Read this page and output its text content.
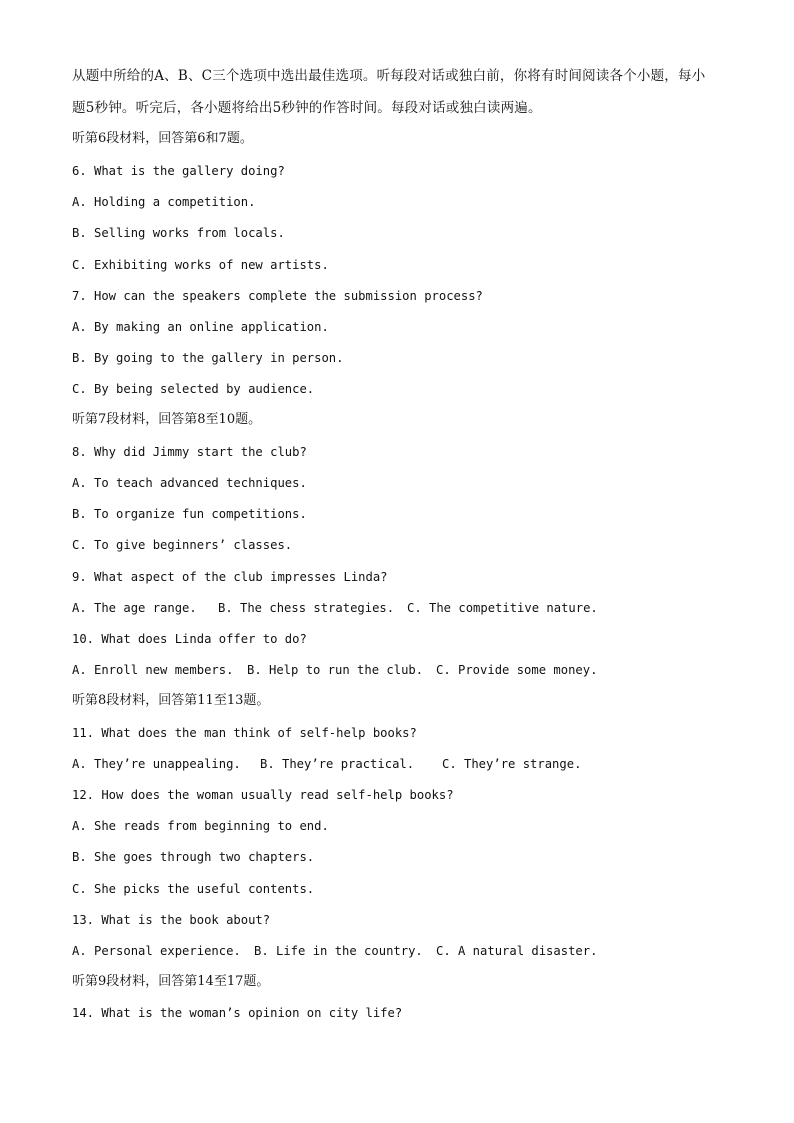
从题中所给的A、B、C三个选项中选出最佳选项。听每段对话或独白前，你将有时间阅读各个小题，每小
题5秒钟。听完后，各小题将给出5秒钟的作答时间。每段对话或独白读两遍。
听第6段材料，回答第6和7题。
6. What is the gallery doing?
A. Holding a competition.
B. Selling works from locals.
C. Exhibiting works of new artists.
7. How can the speakers complete the submission process?
A. By making an online application.
B. By going to the gallery in person.
C. By being selected by audience.
听第7段材料，回答第8至10题。
8. Why did Jimmy start the club?
A. To teach advanced techniques.
B. To organize fun competitions.
C. To give beginners’ classes.
9. What aspect of the club impresses Linda?
A. The age range. B. The chess strategies. C. The competitive nature.
10. What does Linda offer to do?
A. Enroll new members. B. Help to run the club. C. Provide some money.
听第8段材料，回答第11至13题。
11. What does the man think of self-help books?
A. They’re unappealing. B. They’re practical. C. They’re strange.
12. How does the woman usually read self-help books?
A. She reads from beginning to end.
B. She goes through two chapters.
C. She picks the useful contents.
13. What is the book about?
A. Personal experience. B. Life in the country. C. A natural disaster.
听第9段材料，回答第14至17题。
14. What is the woman’s opinion on city life?
